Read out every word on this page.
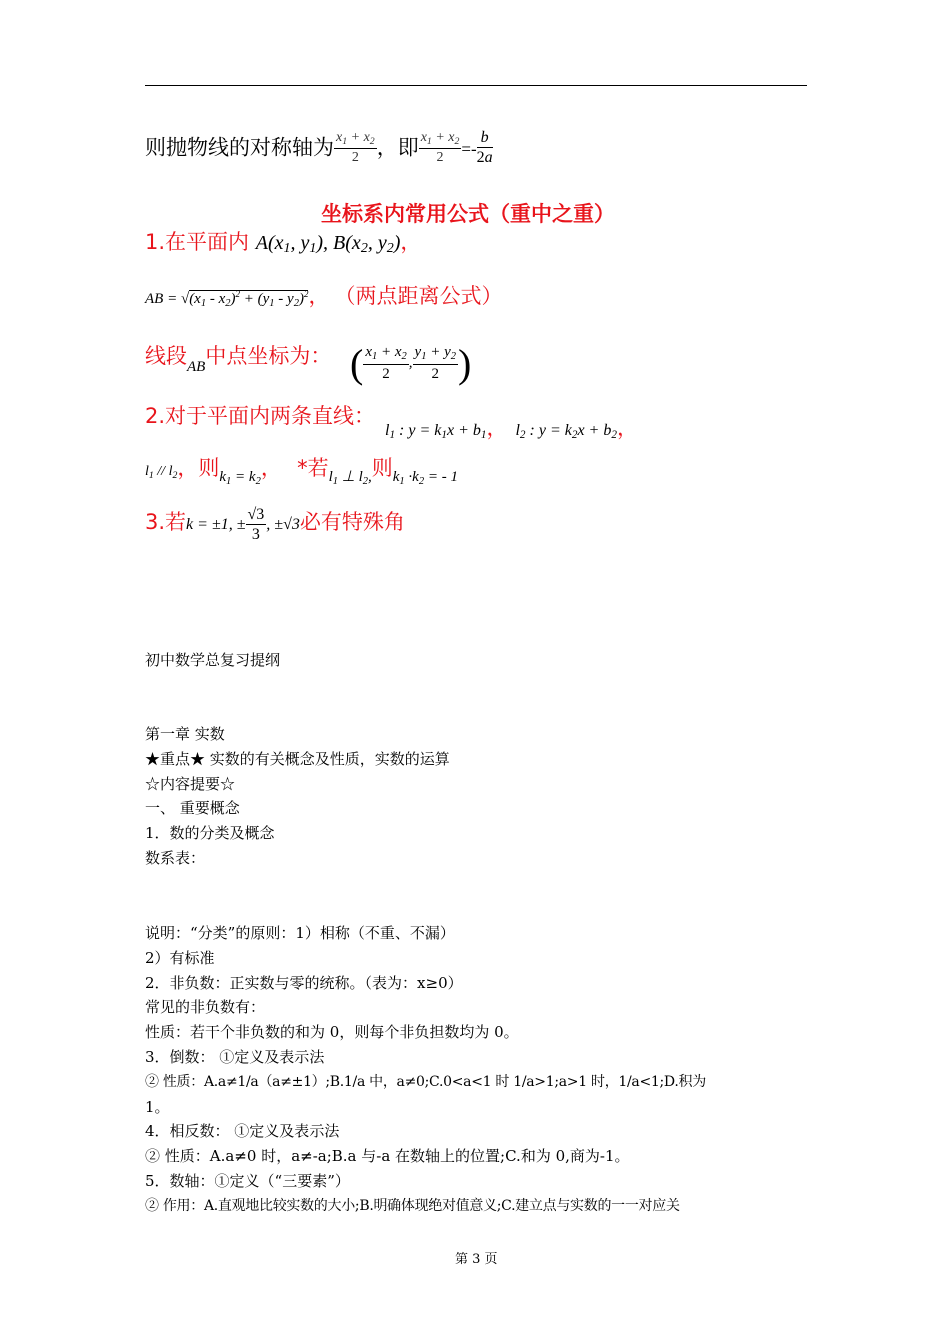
则抛物线的对称轴为 $\frac{x_1 + x_2}{2}$ ，即 $\frac{x_1 + x_2}{2} =- \frac{b}{2a}$
坐标系内常用公式（重中之重）
1.在平面内 $A(x_1$, $y_1$), $B(x_2$, $y_2$)，
AB = $√(x_1 - x_2)^2 + (y_1 - y_2)^2$， （两点距离公式）
线段$_{AB}$中点坐标为： ( $\frac{x_1 + x_2}{2}$ , $\frac{y_1 + y_2}{2}$ )
2.对于平面内两条直线：
$l_1$ : $y = k_1x + b_1$，  $l_2$ : $y = k_2x + b_2$，
$l_1 // l_2$，则$k_1 = k_2$， *若$l_1$ ⊥ $l_2$,则$k_1 \cdot k_2$ = - 1
3.若k = ±1, ± $\frac{√3}{3}$ , ±√3必有特殊角
初中数学总复习提纲
第一章 实数
★重点★ 实数的有关概念及性质，实数的运算
☆内容提要☆
一、 重要概念
1．数的分类及概念
数系表：
说明：“分类”的原则：1）相称（不重、不漏）
2）有标准
2．非负数：正实数与零的统称。（表为：x≥0）
常见的非负数有：
性质：若干个非负数的和为 0，则每个非负担数均为 0。
3．倒数： ①定义及表示法
② 性质：A.a≠1/a（a≠±1）;B.1/a 中，a≠0;C.0<a<1 时 1/a>1;a>1 时，1/a<1;D.积为
1。
4．相反数： ①定义及表示法
② 性质：A.a≠0 时，a≠-a;B.a 与-a 在数轴上的位置;C.和为 0,商为-1。
5．数轴：①定义（“三要素”）
② 作用：A.直观地比较实数的大小;B.明确体现绝对值意义;C.建立点与实数的一一对应关
第 3 页
